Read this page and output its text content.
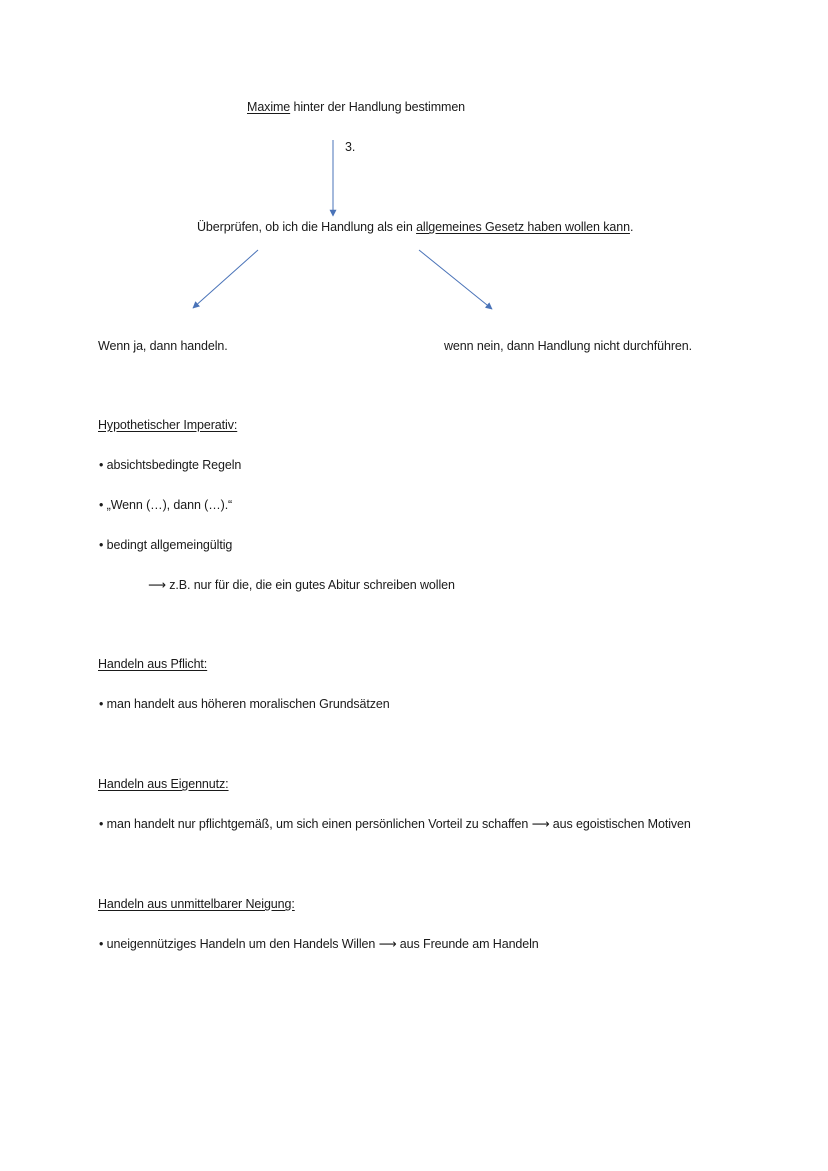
Maxime hinter der Handlung bestimmen
3.
Überprüfen, ob ich die Handlung als ein allgemeines Gesetz haben wollen kann.
Wenn ja, dann handeln.	wenn nein, dann Handlung nicht durchführen.
Hypothetischer Imperativ:
• absichtsbedingte Regeln
• „Wenn (…), dann (…).“
• bedingt allgemeingültig
⟶ z.B. nur für die, die ein gutes Abitur schreiben wollen
Handeln aus Pflicht:
• man handelt aus höheren moralischen Grundsätzen
Handeln aus Eigennutz:
• man handelt nur pflichtgemäß, um sich einen persönlichen Vorteil zu schaffen ⟶ aus egoistischen Motiven
Handeln aus unmittelbarer Neigung:
• uneigennütziges Handeln um den Handels Willen ⟶ aus Freunde am Handeln
